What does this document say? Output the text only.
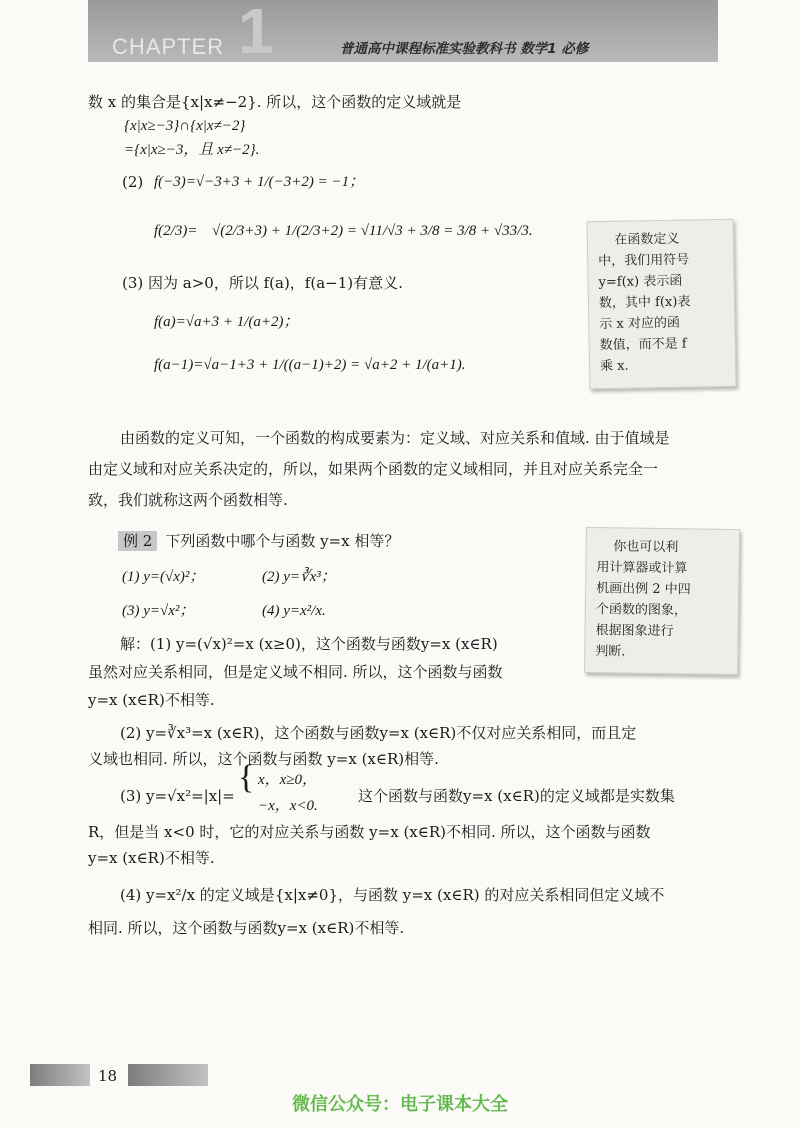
1
CHAPTER	普通高中课程标准实验教科书 数学1 必修
数 x 的集合是{x|x≠−2}. 所以，这个函数的定义域就是
{x|x≥−3}∩{x|x≠−2}
={x|x≥−3，且 x≠−2}.
(2) f(−3)=√−3+3 + 1/(−3+2) = −1；
f(2/3)= √(2/3+3) + 1/(2/3+2) = √11/√3 + 3/8 = 3/8 + √33/3.
(3) 因为 a>0，所以 f(a)，f(a−1)有意义.
f(a)=√a+3 + 1/(a+2)；
f(a−1)=√a−1+3 + 1/((a−1)+2) = √a+2 + 1/(a+1).
在函数定义
中，我们用符号
y=f(x) 表示函
数，其中 f(x)表
示 x 对应的函
数值，而不是 f
乘 x.
由函数的定义可知，一个函数的构成要素为：定义域、对应关系和值域. 由于值域是
由定义域和对应关系决定的，所以，如果两个函数的定义域相同，并且对应关系完全一
致，我们就称这两个函数相等.
例 2 下列函数中哪个与函数 y=x 相等？
(1) y=(√x)²；	(2) y=∛x³；
(3) y=√x²；	(4) y=x²/x.
你也可以利
用计算器或计算
机画出例 2 中四
个函数的图象，
根据图象进行
判断.
解：(1) y=(√x)²=x (x≥0)，这个函数与函数y=x (x∈R)
虽然对应关系相同，但是定义域不相同. 所以，这个函数与函数
y=x (x∈R)不相等.
(2) y=∛x³=x (x∈R)，这个函数与函数y=x (x∈R)不仅对应关系相同，而且定
义域也相同. 所以，这个函数与函数 y=x (x∈R)相等.
(3) y=√x²=|x|= { x，x≥0，
−x，x<0.
这个函数与函数y=x (x∈R)的定义域都是实数集
R，但是当 x<0 时，它的对应关系与函数 y=x (x∈R)不相同. 所以，这个函数与函数
y=x (x∈R)不相等.
(4) y=x²/x 的定义域是{x|x≠0}，与函数 y=x (x∈R) 的对应关系相同但定义域不
相同. 所以，这个函数与函数y=x (x∈R)不相等.
18
微信公众号：电子课本大全
